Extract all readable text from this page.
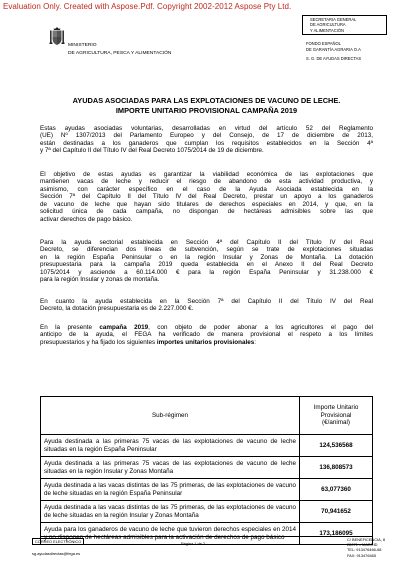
Evaluation Only. Created with Aspose.Pdf. Copyright 2002-2012 Aspose Pty Ltd.
MINISTERIO
DE AGRICULTURA, PESCA Y ALIMENTACIÓN
SECRETARIA GENERAL
DE AGRICULTURA
Y ALIMENTACIÓN
FONDO ESPAÑOL
DE GARANTÍA AGRARIA O.A
S. G. DE AYUDAS DIRECTAS
AYUDAS ASOCIADAS PARA LAS EXPLOTACIONES DE VACUNO DE LECHE.
IMPORTE UNITARIO PROVISIONAL CAMPAÑA 2019
Estas ayudas asociadas voluntarias, desarrolladas en virtud del artículo 52 del Reglamento
(UE) Nº 1307/2013 del Parlamento Europeo y del Consejo, de 17 de diciembre de 2013,
están destinadas a los ganaderos que cumplan los requisitos establecidos en la Sección 4ª
y 7ª del Capítulo II del Título IV del Real Decreto 1075/2014 de 19 de diciembre.
El objetivo de estas ayudas es garantizar la viabilidad económica de las explotaciones que
mantienen vacas de leche y reducir el riesgo de abandono de esta actividad productiva, y
asimismo, con carácter específico en el caso de la Ayuda Asociada establecida en la
Sección 7ª del Capítulo II del Título IV del Real Decreto, prestar un apoyo a los ganaderos
de vacuno de leche que hayan sido titulares de derechos especiales en 2014, y que, en la
solicitud única de cada campaña, no dispongan de hectáreas admisibles sobre las que
activar derechos de pago básico.
Para la ayuda sectorial establecida en Sección 4ª del Capítulo II del Título IV del Real
Decreto, se diferencian dos líneas de subvención, según se trate de explotaciones situadas
en la región España Peninsular o en la región Insular y Zonas de Montaña. La dotación
presupuestaria para la campaña 2019 queda establecida en el Anexo II del Real Decreto
1075/2014 y asciende a 60.114.000 € para la región España Peninsular y 31.238.000 €
para la región Insular y zonas de montaña.
En cuanto la ayuda establecida en la Sección 7ª del Capítulo II del Título IV del Real
Decreto, la dotación presupuestaria es de 2.227.000 €.
En la presente campaña 2019, con objeto de poder abonar a los agricultores el pago del
anticipo de la ayuda, el FEGA ha verificado de manera provisional el respeto a los límites
presupuestarios y ha fijado los siguientes importes unitarios provisionales:
Sub-régimen	Importe Unitario
Provisional
(€/animal)

Ayuda destinada a las primeras 75 vacas de las explotaciones de vacuno de leche situadas en la región España Peninsular	124,536568
Ayuda destinada a las primeras 75 vacas de las explotaciones de vacuno de leche situadas en la región Insular y Zonas Montaña	136,808573
Ayuda destinada a las vacas distintas de las 75 primeras, de las explotaciones de vacuno de leche situadas en la región España Peninsular	63,077360
Ayuda destinada a las vacas distintas de las 75 primeras, de las explotaciones de vacuno de leche situadas en la región Insular y Zonas Montaña	70,941652
Ayuda para los ganaderos de vacuno de leche que tuvieron derechos especiales en 2014 y no disponen de hectáreas admisibles para la activación de derechos de pago básico	173,186095
CORREO ELECTRÓNICO
sg.ayudasdirectas@fega.es
Página 1 de 2
C/ BENEFICENCIA, 8
28071 – MADRID
TEL: 913476466-68
FAX: 913476465
